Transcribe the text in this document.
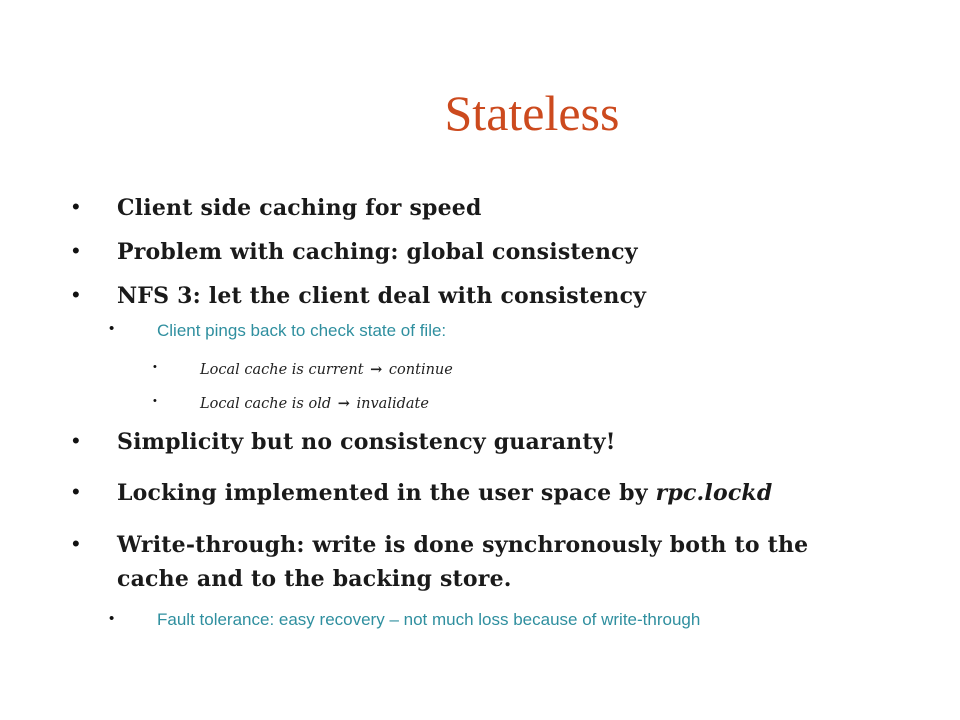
Stateless
• Client side caching for speed
• Problem with caching: global consistency
• NFS 3: let the client deal with consistency
•	Client pings back to check state of file:
•	Local cache is current → continue
•	Local cache is old → invalidate
• Simplicity but no consistency guaranty!
• Locking implemented in the user space by rpc.lockd
• Write-through: write is done synchronously both to the
cache and to the backing store.
•	Fault tolerance: easy recovery – not much loss because of write-through
